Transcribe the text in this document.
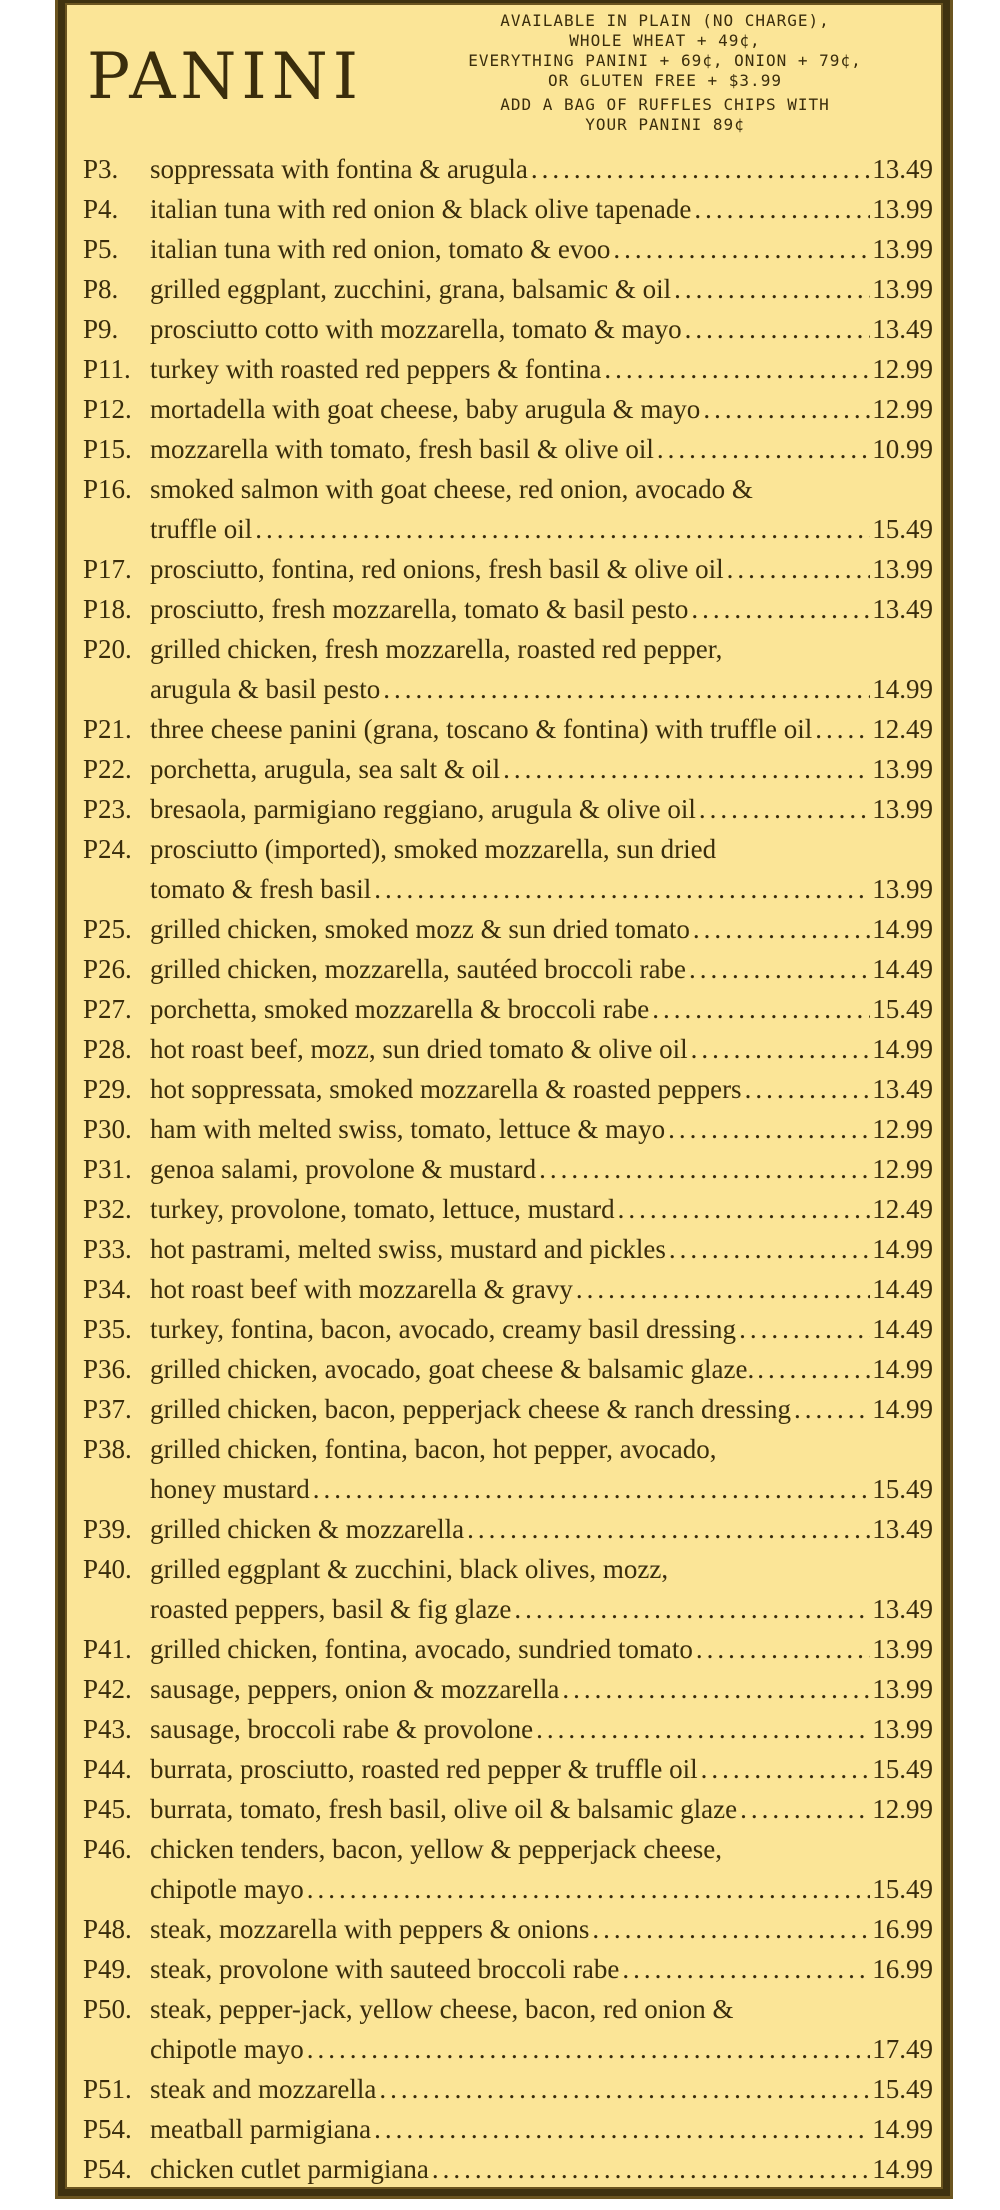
PANINI
AVAILABLE IN PLAIN (NO CHARGE),
WHOLE WHEAT + 49¢,
EVERYTHING PANINI + 69¢, ONION + 79¢,
OR GLUTEN FREE + $3.99
ADD A BAG OF RUFFLES CHIPS WITH
YOUR PANINI 89¢
P3.	soppressata with fontina & arugula .....	13.49
P4.	italian tuna with red onion & black olive tapenade .....	13.99
P5.	italian tuna with red onion, tomato & evoo .....	13.99
P8.	grilled eggplant, zucchini, grana, balsamic & oil .....	13.99
P9.	prosciutto cotto with mozzarella, tomato & mayo .....	13.49
P11. turkey with roasted red peppers & fontina .....	12.99
P12. mortadella with goat cheese, baby arugula & mayo .....	12.99
P15. mozzarella with tomato, fresh basil & olive oil .....	10.99
P16. smoked salmon with goat cheese, red onion, avocado &
truffle oil .....	15.49
P17. prosciutto, fontina, red onions, fresh basil & olive oil .....	13.99
P18. prosciutto, fresh mozzarella, tomato & basil pesto .....	13.49
P20. grilled chicken, fresh mozzarella, roasted red pepper,
arugula & basil pesto .....	14.99
P21. three cheese panini (grana, toscano & fontina) with truffle oil ..... 12.49
P22. porchetta, arugula, sea salt & oil .....	13.99
P23. bresaola, parmigiano reggiano, arugula & olive oil .....	13.99
P24. prosciutto (imported), smoked mozzarella, sun dried
tomato & fresh basil .....	13.99
P25. grilled chicken, smoked mozz & sun dried tomato .....	14.99
P26. grilled chicken, mozzarella, sautéed broccoli rabe .....	14.49
P27. porchetta, smoked mozzarella & broccoli rabe .....	15.49
P28. hot roast beef, mozz, sun dried tomato & olive oil .....	14.99
P29. hot soppressata, smoked mozzarella & roasted peppers .....	13.49
P30. ham with melted swiss, tomato, lettuce & mayo .....	12.99
P31. genoa salami, provolone & mustard .....	12.99
P32. turkey, provolone, tomato, lettuce, mustard .....	12.49
P33. hot pastrami, melted swiss, mustard and pickles .....	14.99
P34. hot roast beef with mozzarella & gravy .....	14.49
P35. turkey, fontina, bacon, avocado, creamy basil dressing .....	14.49
P36. grilled chicken, avocado, goat cheese & balsamic glaze. .....	14.99
P37. grilled chicken, bacon, pepperjack cheese & ranch dressing .....	14.99
P38. grilled chicken, fontina, bacon, hot pepper, avocado,
honey mustard .....	15.49
P39. grilled chicken & mozzarella .....	13.49
P40. grilled eggplant & zucchini, black olives, mozz,
roasted peppers, basil & fig glaze .....	13.49
P41. grilled chicken, fontina, avocado, sundried tomato .....	13.99
P42. sausage, peppers, onion & mozzarella .....	13.99
P43. sausage, broccoli rabe & provolone .....	13.99
P44. burrata, prosciutto, roasted red pepper & truffle oil .....	15.49
P45. burrata, tomato, fresh basil, olive oil & balsamic glaze .....	12.99
P46. chicken tenders, bacon, yellow & pepperjack cheese,
chipotle mayo .....	15.49
P48. steak, mozzarella with peppers & onions .....	16.99
P49. steak, provolone with sauteed broccoli rabe .....	16.99
P50. steak, pepper-jack, yellow cheese, bacon, red onion &
chipotle mayo .....	17.49
P51. steak and mozzarella .....	15.49
P54. meatball parmigiana .....	14.99
P54. chicken cutlet parmigiana .....	14.99
